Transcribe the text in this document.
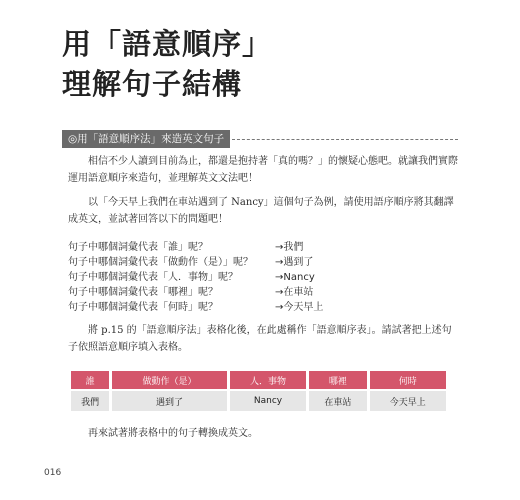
用「語意順序」
理解句子結構
◎用「語意順序法」來造英文句子

相信不少人讀到目前為止，都還是抱持著「真的嗎？」的懷疑心態吧。就讓我們實際運用語意順序來造句，並理解英文文法吧！

以「今天早上我們在車站遇到了 Nancy」這個句子為例，請使用語序順序將其翻譯成英文，並試著回答以下的問題吧！

句子中哪個詞彙代表「誰」呢？	→我們
句子中哪個詞彙代表「做動作（是）」呢？	→遇到了
句子中哪個詞彙代表「人．事物」呢？	→Nancy
句子中哪個詞彙代表「哪裡」呢？	→在車站
句子中哪個詞彙代表「何時」呢？	→今天早上

將 p.15 的「語意順序法」表格化後，在此處稱作「語意順序表」。請試著把上述句子依照語意順序填入表格。

誰	做動作（是）	人．事物	哪裡	何時
我們	遇到了	Nancy	在車站	今天早上

再來試著將表格中的句子轉換成英文。

016
